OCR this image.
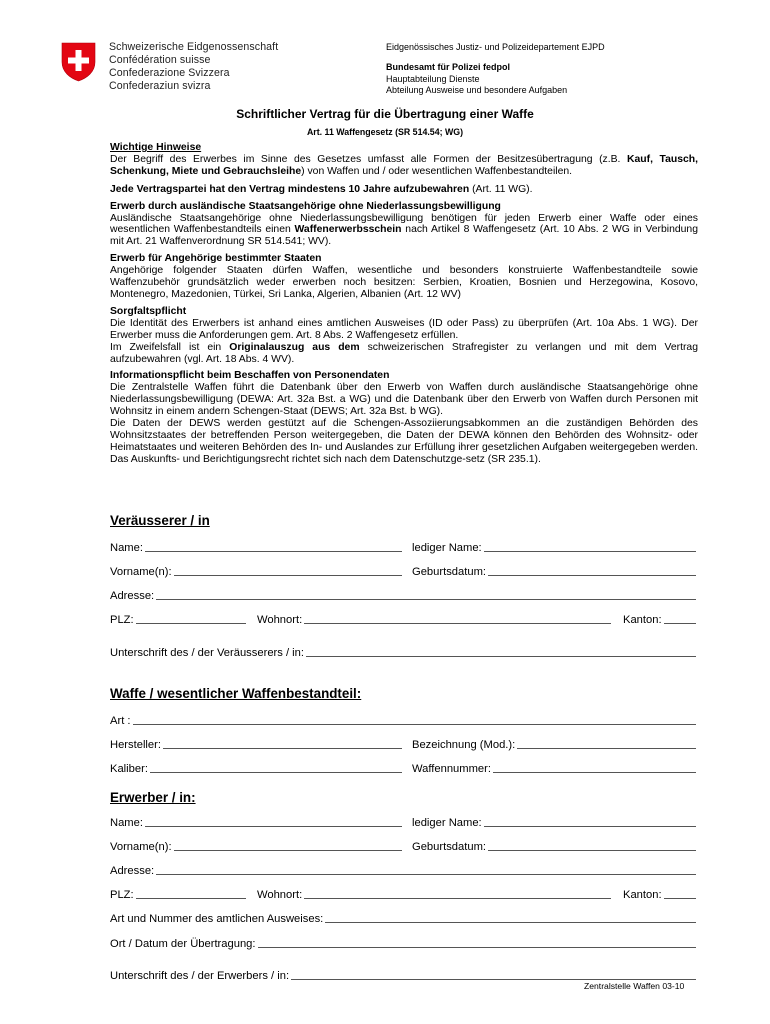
Schweizerische Eidgenossenschaft
Confédération suisse
Confederazione Svizzera
Confederaziun svizra
Eidgenössisches Justiz- und Polizeidepartement EJPD
Bundesamt für Polizei fedpol
Hauptabteilung Dienste
Abteilung Ausweise und besondere Aufgaben
Schriftlicher Vertrag für die Übertragung einer Waffe
Art. 11 Waffengesetz (SR 514.54; WG)

Wichtige Hinweise

Der Begriff des Erwerbes im Sinne des Gesetzes umfasst alle Formen der Besitzesübertragung (z.B. Kauf, Tausch, Schenkung, Miete und Gebrauchsleihe) von Waffen und / oder wesentlichen Waffenbestandteilen.

Jede Vertragspartei hat den Vertrag mindestens 10 Jahre aufzubewahren (Art. 11 WG).

Erwerb durch ausländische Staatsangehörige ohne Niederlassungsbewilligung

Ausländische Staatsangehörige ohne Niederlassungsbewilligung benötigen für jeden Erwerb einer Waffe oder eines wesentlichen Waffenbestandteils einen Waffenerwerbsschein nach Artikel 8 Waffengesetz (Art. 10 Abs. 2 WG in Verbindung mit Art. 21 Waffenverordnung SR 514.541; WV).

Erwerb für Angehörige bestimmter Staaten

Angehörige folgender Staaten dürfen Waffen, wesentliche und besonders konstruierte Waffenbestandteile sowie Waffenzubehör grundsätzlich weder erwerben noch besitzen: Serbien, Kroatien, Bosnien und Herzegowina, Kosovo, Montenegro, Mazedonien, Türkei, Sri Lanka, Algerien, Albanien (Art. 12 WV)

Sorgfaltspflicht

Die Identität des Erwerbers ist anhand eines amtlichen Ausweises (ID oder Pass) zu überprüfen (Art. 10a Abs. 1 WG). Der Erwerber muss die Anforderungen gem. Art. 8 Abs. 2 Waffengesetz erfüllen.

Im Zweifelsfall ist ein Originalauszug aus dem schweizerischen Strafregister zu verlangen und mit dem Vertrag aufzubewahren (vgl. Art. 18 Abs. 4 WV).

Informationspflicht beim Beschaffen von Personendaten

Die Zentralstelle Waffen führt die Datenbank über den Erwerb von Waffen durch ausländische Staatsangehörige ohne Niederlassungsbewilligung (DEWA: Art. 32a Bst. a WG) und die Datenbank über den Erwerb von Waffen durch Personen mit Wohnsitz in einem andern Schengen-Staat (DEWS; Art. 32a Bst. b WG).

Die Daten der DEWS werden gestützt auf die Schengen-Assoziierungsabkommen an die zuständigen Behörden des Wohnsitzstaates der betreffenden Person weitergegeben, die Daten der DEWA können den Behörden des Wohnsitz- oder Heimatstaates und weiteren Behörden des In- und Auslandes zur Erfüllung ihrer gesetzlichen Aufgaben weitergegeben werden. Das Auskunfts- und Berichtigungsrecht richtet sich nach dem Datenschutzge-setz (SR 235.1).

Veräusserer / in
Name:	lediger Name:
Vorname(n):	Geburtsdatum:
Adresse:
PLZ:	Wohnort:	Kanton:
Unterschrift des / der Veräusserers / in:
Waffe / wesentlicher Waffenbestandteil:
Art :
Hersteller:	Bezeichnung (Mod.):
Kaliber:	Waffennummer:
Erwerber / in:
Name:	lediger Name:
Vorname(n):	Geburtsdatum:
Adresse:
PLZ:	Wohnort:	Kanton:
Art und Nummer des amtlichen Ausweises:
Ort / Datum der Übertragung:
Unterschrift des / der Erwerbers / in:
Zentralstelle Waffen 03-10
